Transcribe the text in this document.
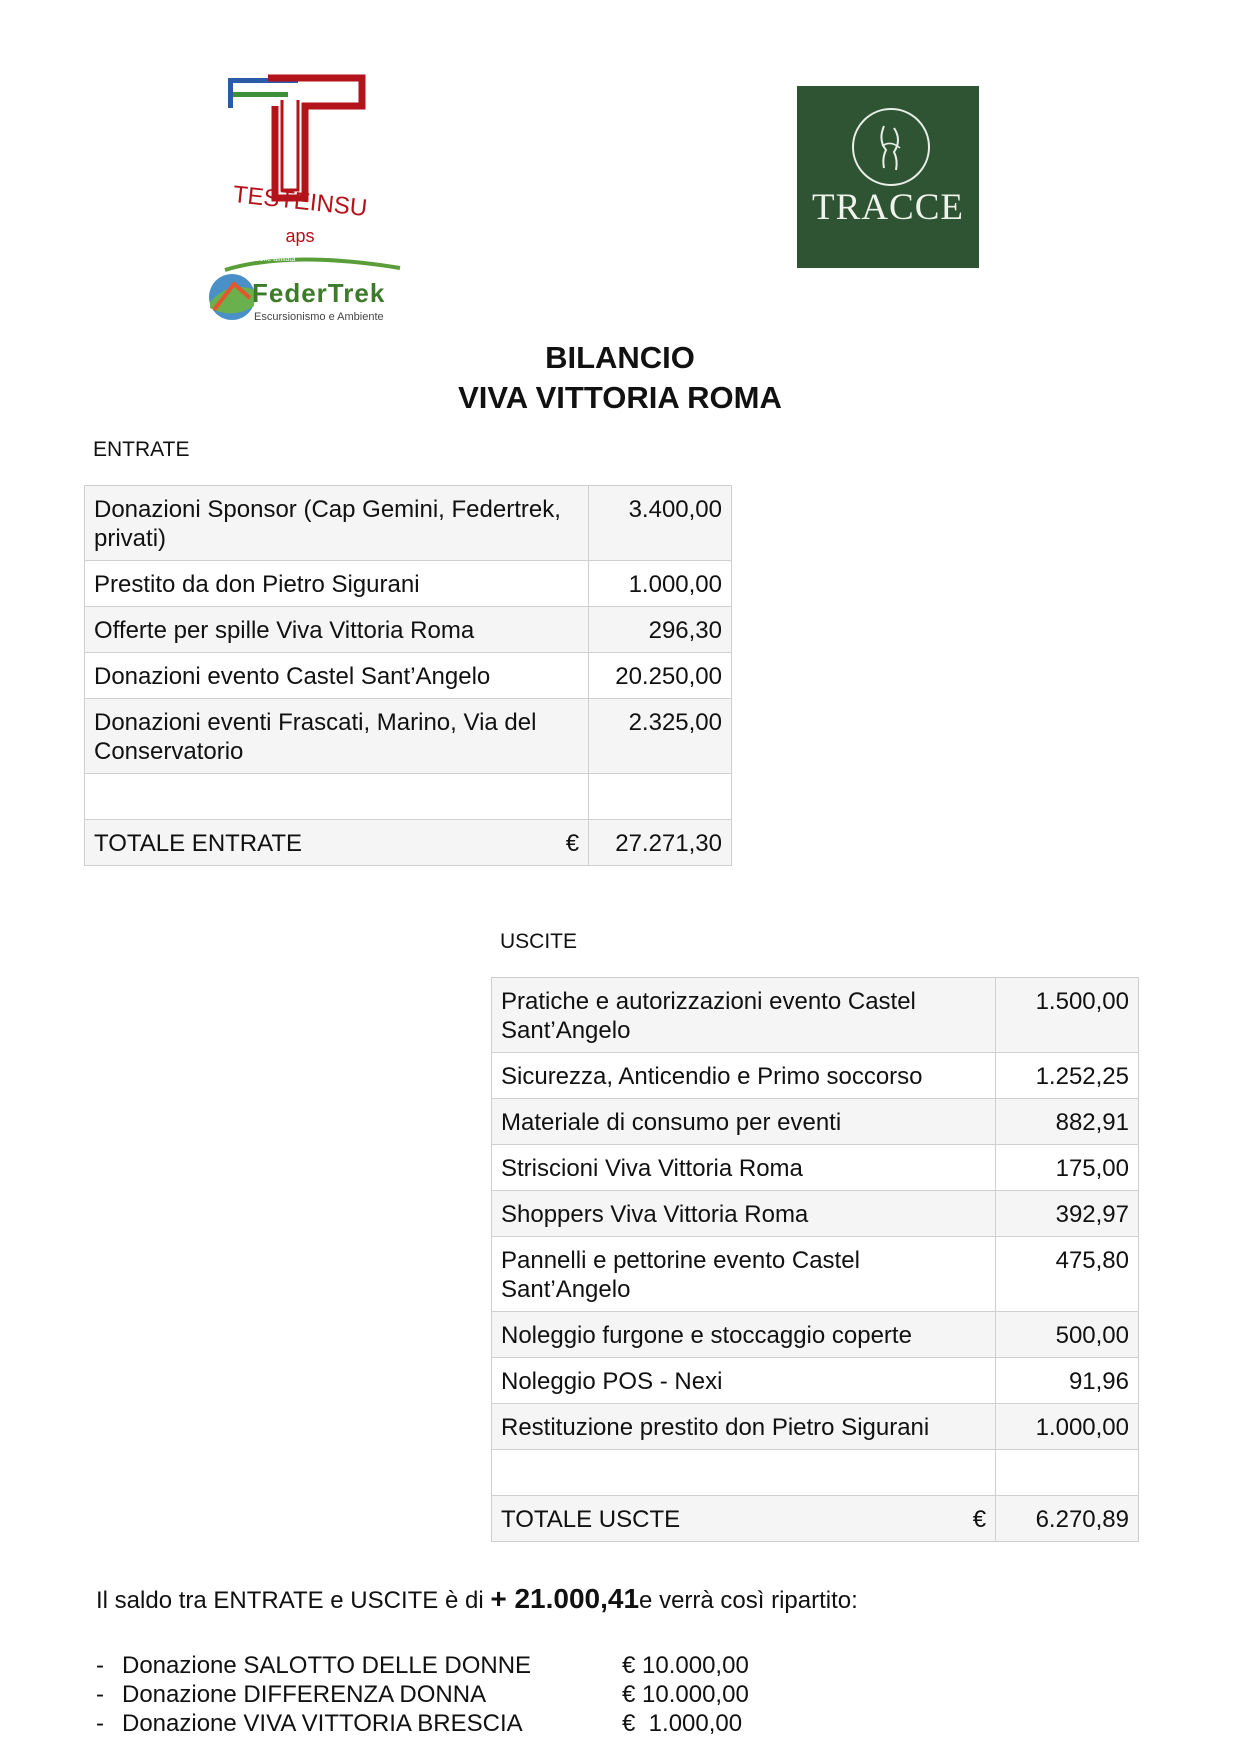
TESTEINSU
aps
Associazione affiliata
FederTrek
Escursionismo e Ambiente
TRACCE
BILANCIO
VIVA VITTORIA ROMA
ENTRATE
Donazioni Sponsor (Cap Gemini, Federtrek, privati)	3.400,00
Prestito da don Pietro Sigurani	1.000,00
Offerte per spille Viva Vittoria Roma	296,30
Donazioni evento Castel Sant’Angelo	20.250,00
Donazioni eventi Frascati, Marino, Via del Conservatorio	2.325,00

TOTALE ENTRATE €	27.271,30
USCITE
Pratiche e autorizzazioni evento Castel Sant’Angelo	1.500,00
Sicurezza, Anticendio e Primo soccorso	1.252,25
Materiale di consumo per eventi	882,91
Striscioni Viva Vittoria Roma	175,00
Shoppers Viva Vittoria Roma	392,97
Pannelli e pettorine evento Castel Sant’Angelo	475,80
Noleggio furgone e stoccaggio coperte	500,00
Noleggio POS - Nexi	91,96
Restituzione prestito don Pietro Sigurani	1.000,00

TOTALE USCTE €	6.270,89
Il saldo tra ENTRATE e USCITE è di + 21.000,41e verrà così ripartito:
- Donazione SALOTTO DELLE DONNE	€ 10.000,00
- Donazione DIFFERENZA DONNA	€ 10.000,00
- Donazione VIVA VITTORIA BRESCIA	€  1.000,00
